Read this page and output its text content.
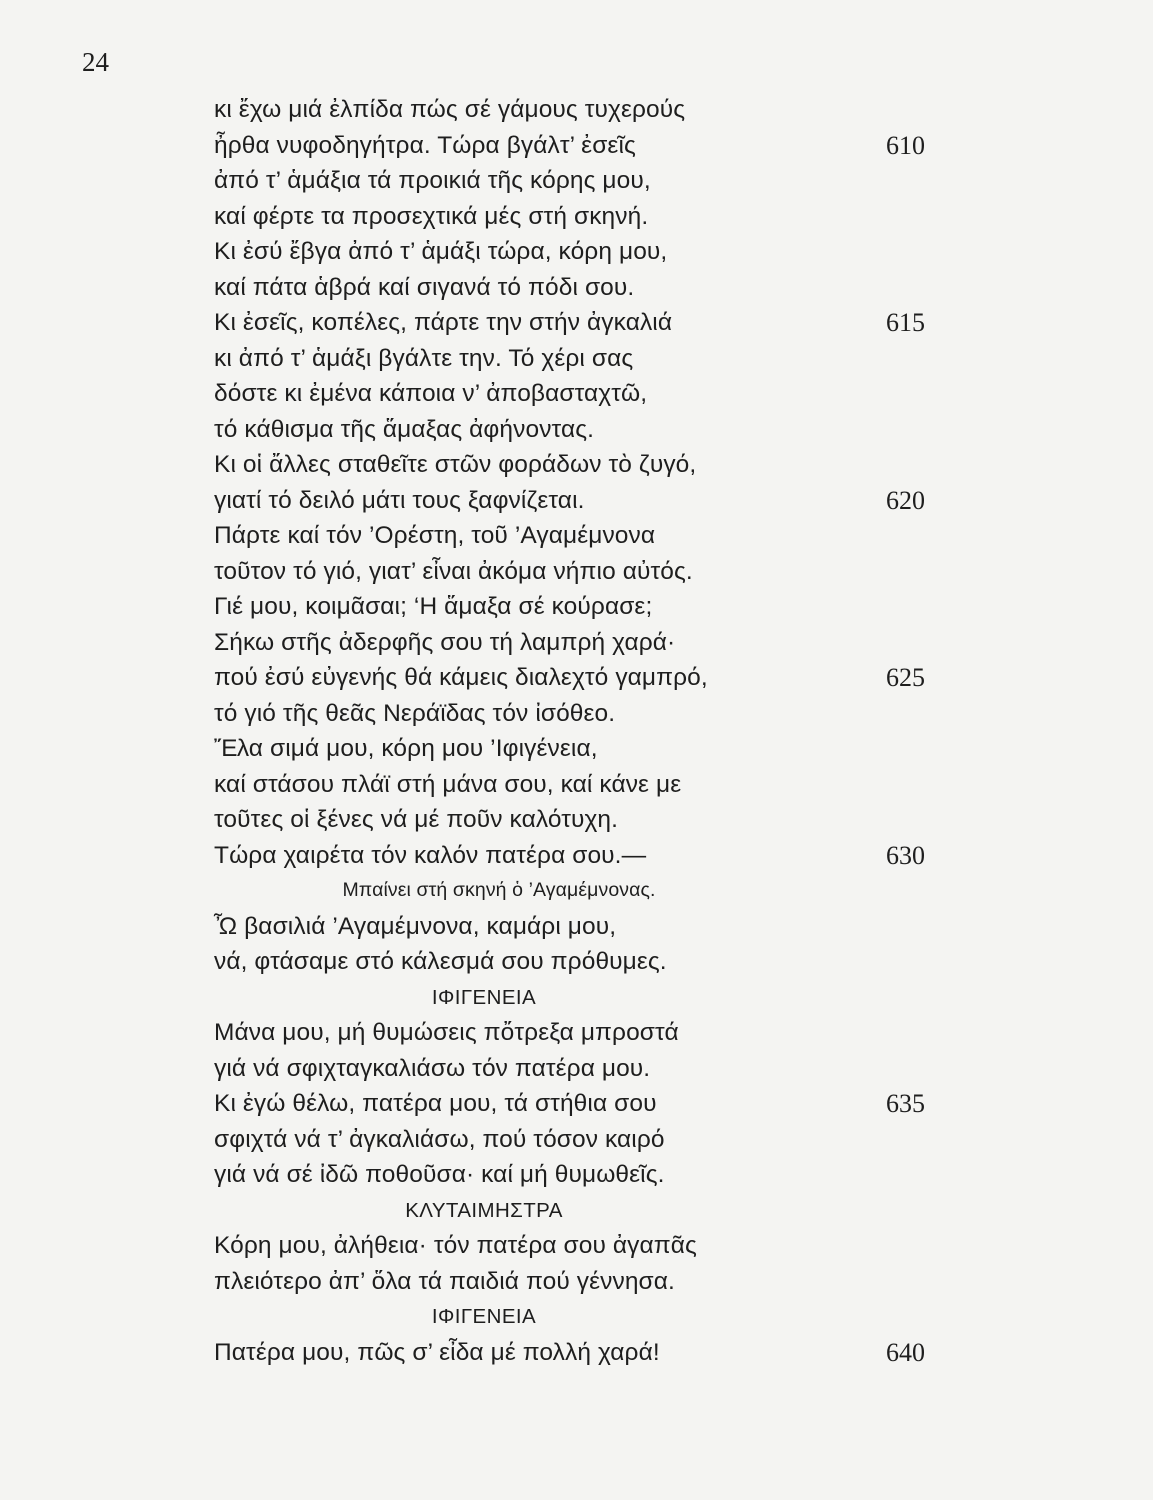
24
κι ἔχω μιά ἐλπίδα πώς σέ γάμους τυχερούς
ἦρθα νυφοδηγήτρα. Τώρα βγάλτ’ ἐσεῖς	610
ἀπό τ’ ἁμάξια τά προικιά τῆς κόρης μου,
καί φέρτε τα προσεχτικά μές στή σκηνή.
Κι ἐσύ ἔβγα ἀπό τ’ ἁμάξι τώρα, κόρη μου,
καί πάτα ἁβρά καί σιγανά τό πόδι σου.
Κι ἐσεῖς, κοπέλες, πάρτε την στήν ἀγκαλιά	615
κι ἀπό τ’ ἁμάξι βγάλτε την. Τό χέρι σας
δόστε κι ἐμένα κάποια ν’ ἀποβασταχτῶ,
τό κάθισμα τῆς ἅμαξας ἀφήνοντας.
Κι οἱ ἄλλες σταθεῖτε στῶν φοράδων τὸ ζυγό,
γιατί τό δειλό μάτι τους ξαφνίζεται.	620
Πάρτε καί τόν ’Ορέστη, τοῦ ’Αγαμέμνονα
τοῦτον τό γιό, γιατ’ εἶναι ἀκόμα νήπιο αὐτός.
Γιέ μου, κοιμᾶσαι; ‘Η ἅμαξα σέ κούρασε;
Σήκω στῆς ἀδερφῆς σου τή λαμπρή χαρά·
πού ἐσύ εὐγενής θά κάμεις διαλεχτό γαμπρό,	625
τό γιό τῆς θεᾶς Νεράϊδας τόν ἰσόθεο.
Ἔλα σιμά μου, κόρη μου ’Ιφιγένεια,
καί στάσου πλάϊ στή μάνα σου, καί κάνε με
τοῦτες οἱ ξένες νά μέ ποῦν καλότυχη.
Τώρα χαιρέτα τόν καλόν πατέρα σου.—	630
Μπαίνει στή σκηνή ὁ ’Αγαμέμνονας.
Ὦ βασιλιά ’Αγαμέμνονα, καμάρι μου,
νά, φτάσαμε στό κάλεσμά σου πρόθυμες.
ΙΦΙΓΕΝΕΙΑ
Μάνα μου, μή θυμώσεις πὄτρεξα μπροστά
γιά νά σφιχταγκαλιάσω τόν πατέρα μου.
Κι ἐγώ θέλω, πατέρα μου, τά στήθια σου	635
σφιχτά νά τ’ ἀγκαλιάσω, πού τόσον καιρό
γιά νά σέ ἰδῶ ποθοῦσα· καί μή θυμωθεῖς.
ΚΛΥΤΑΙΜΗΣΤΡΑ
Κόρη μου, ἀλήθεια· τόν πατέρα σου ἀγαπᾶς
πλειότερο ἀπ’ ὅλα τά παιδιά πού γέννησα.
ΙΦΙΓΕΝΕΙΑ
Πατέρα μου, πῶς σ’ εἶδα μέ πολλή χαρά!	640
